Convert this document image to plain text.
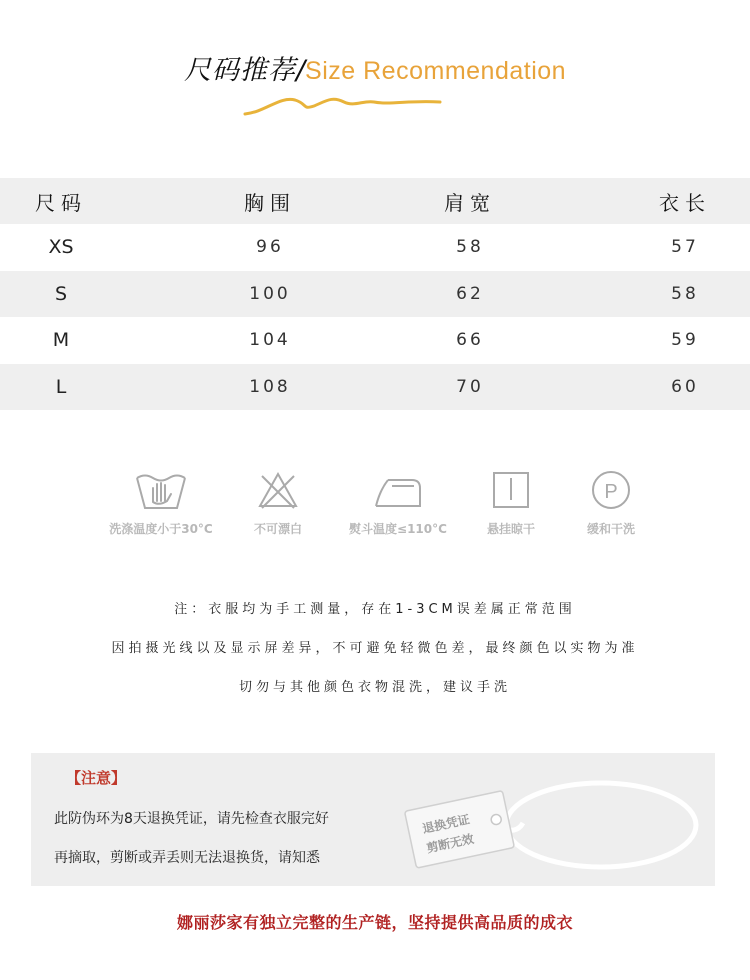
尺码推荐/Size Recommendation
尺码	胸围	肩宽	衣长
XS	96	58	57
S	100	62	58
M	104	66	59
L	108	70	60
洗涤温度小于30°C	不可漂白	熨斗温度≤110°C	悬挂晾干
P
缓和干洗
注：衣服均为手工测量，存在1-3CM误差属正常范围
因拍摄光线以及显示屏差异，不可避免轻微色差，最终颜色以实物为准
切勿与其他颜色衣物混洗，建议手洗
【注意】
此防伪环为8天退换凭证，请先检查衣服完好
再摘取，剪断或弄丢则无法退换货，请知悉
退换凭证
剪断无效
娜丽莎家有独立完整的生产链，坚持提供高品质的成衣
